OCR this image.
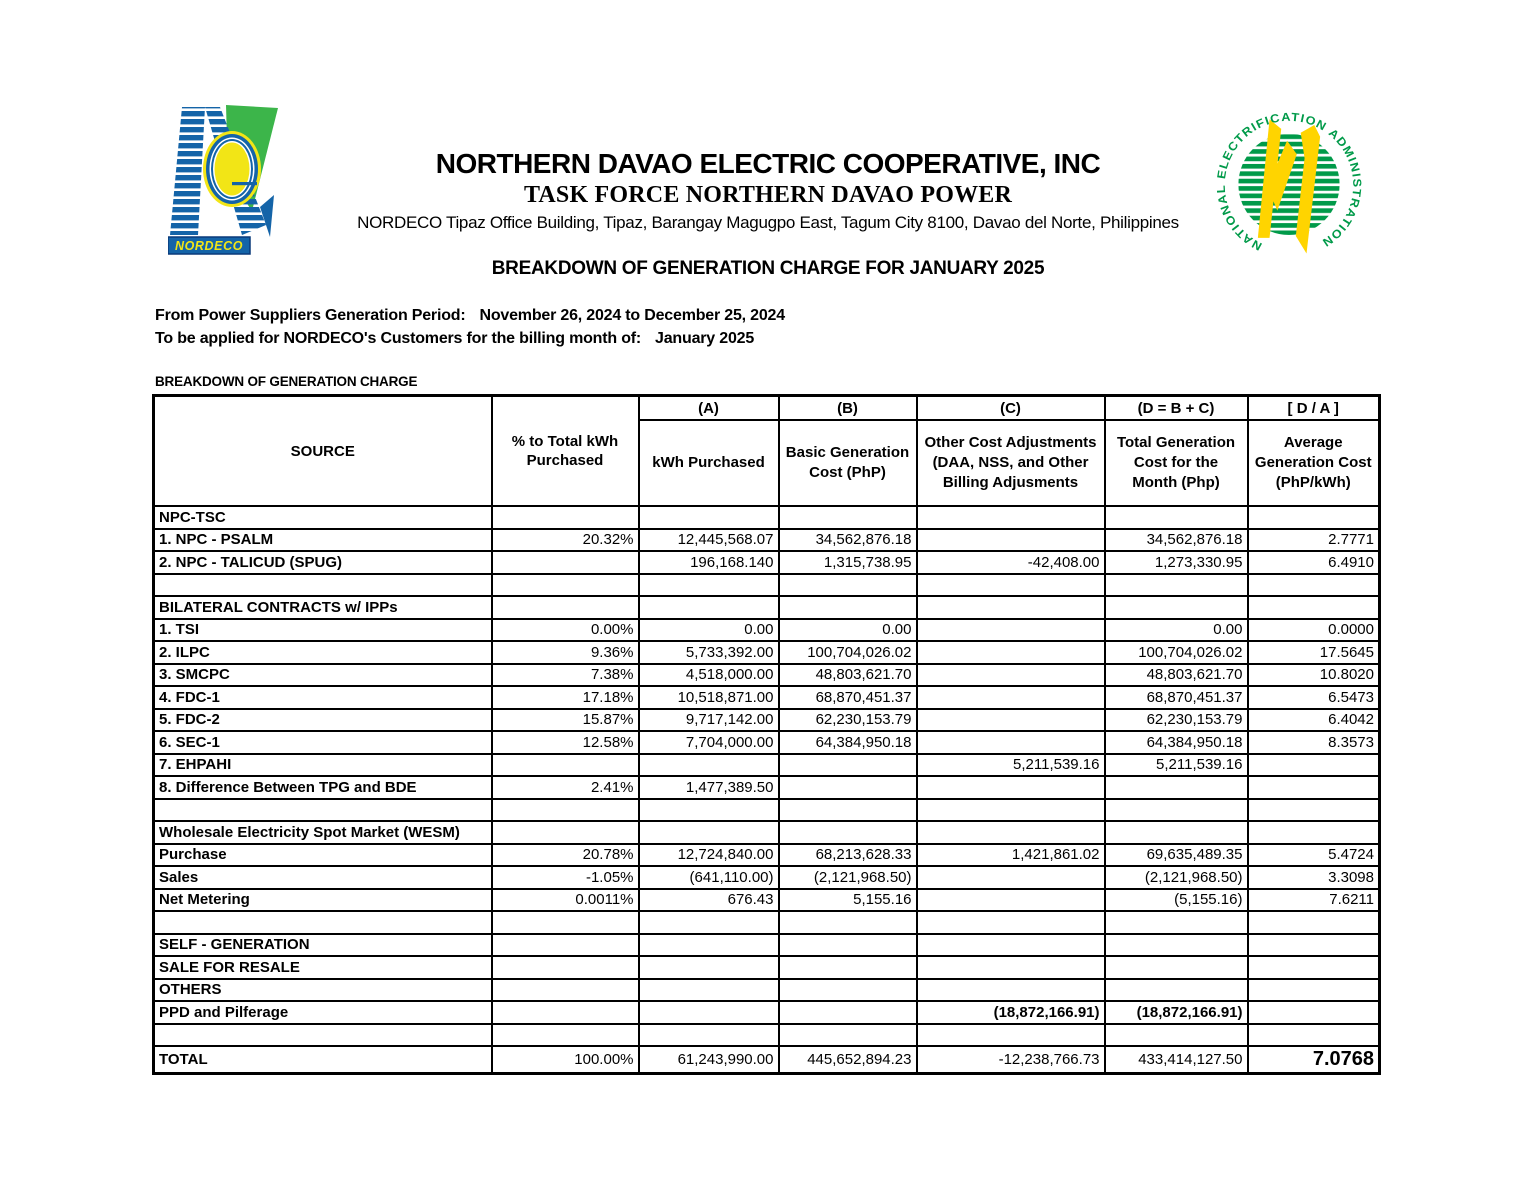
NORDECO	NATIONAL ELECTRIFICATION ADMINISTRATION
NORTHERN DAVAO ELECTRIC COOPERATIVE, INC
TASK FORCE NORTHERN DAVAO POWER
NORDECO Tipaz Office Building, Tipaz, Barangay Magugpo East, Tagum City 8100, Davao del Norte, Philippines
BREAKDOWN OF GENERATION CHARGE FOR JANUARY 2025
From Power Suppliers Generation Period: November 26, 2024 to December 25, 2024
To be applied for NORDECO's Customers for the billing month of: January 2025
BREAKDOWN OF GENERATION CHARGE
SOURCE	% to Total kWh Purchased	(A)	(B)	(C)	(D = B + C)	[ D / A ]
		kWh Purchased	Basic Generation Cost (PhP)	Other Cost Adjustments (DAA, NSS, and Other Billing Adjusments	Total Generation Cost for the Month (Php)	Average Generation Cost (PhP/kWh)
NPC-TSC						
1. NPC - PSALM	20.32%	12,445,568.07	34,562,876.18		34,562,876.18	2.7771
2. NPC - TALICUD (SPUG)		196,168.140	1,315,738.95	-42,408.00	1,273,330.95	6.4910

BILATERAL CONTRACTS w/ IPPs						
1. TSI	0.00%	0.00	0.00		0.00	0.0000
2. ILPC	9.36%	5,733,392.00	100,704,026.02		100,704,026.02	17.5645
3. SMCPC	7.38%	4,518,000.00	48,803,621.70		48,803,621.70	10.8020
4. FDC-1	17.18%	10,518,871.00	68,870,451.37		68,870,451.37	6.5473
5. FDC-2	15.87%	9,717,142.00	62,230,153.79		62,230,153.79	6.4042
6. SEC-1	12.58%	7,704,000.00	64,384,950.18		64,384,950.18	8.3573
7. EHPAHI				5,211,539.16	5,211,539.16	
8. Difference Between TPG and BDE	2.41%	1,477,389.50				

Wholesale Electricity Spot Market (WESM)						
Purchase	20.78%	12,724,840.00	68,213,628.33	1,421,861.02	69,635,489.35	5.4724
Sales	-1.05%	(641,110.00)	(2,121,968.50)		(2,121,968.50)	3.3098
Net Metering	0.0011%	676.43	5,155.16		(5,155.16)	7.6211

SELF - GENERATION						
SALE FOR RESALE						
OTHERS						
PPD and Pilferage				(18,872,166.91)	(18,872,166.91)	

TOTAL	100.00%	61,243,990.00	445,652,894.23	-12,238,766.73	433,414,127.50	7.0768
